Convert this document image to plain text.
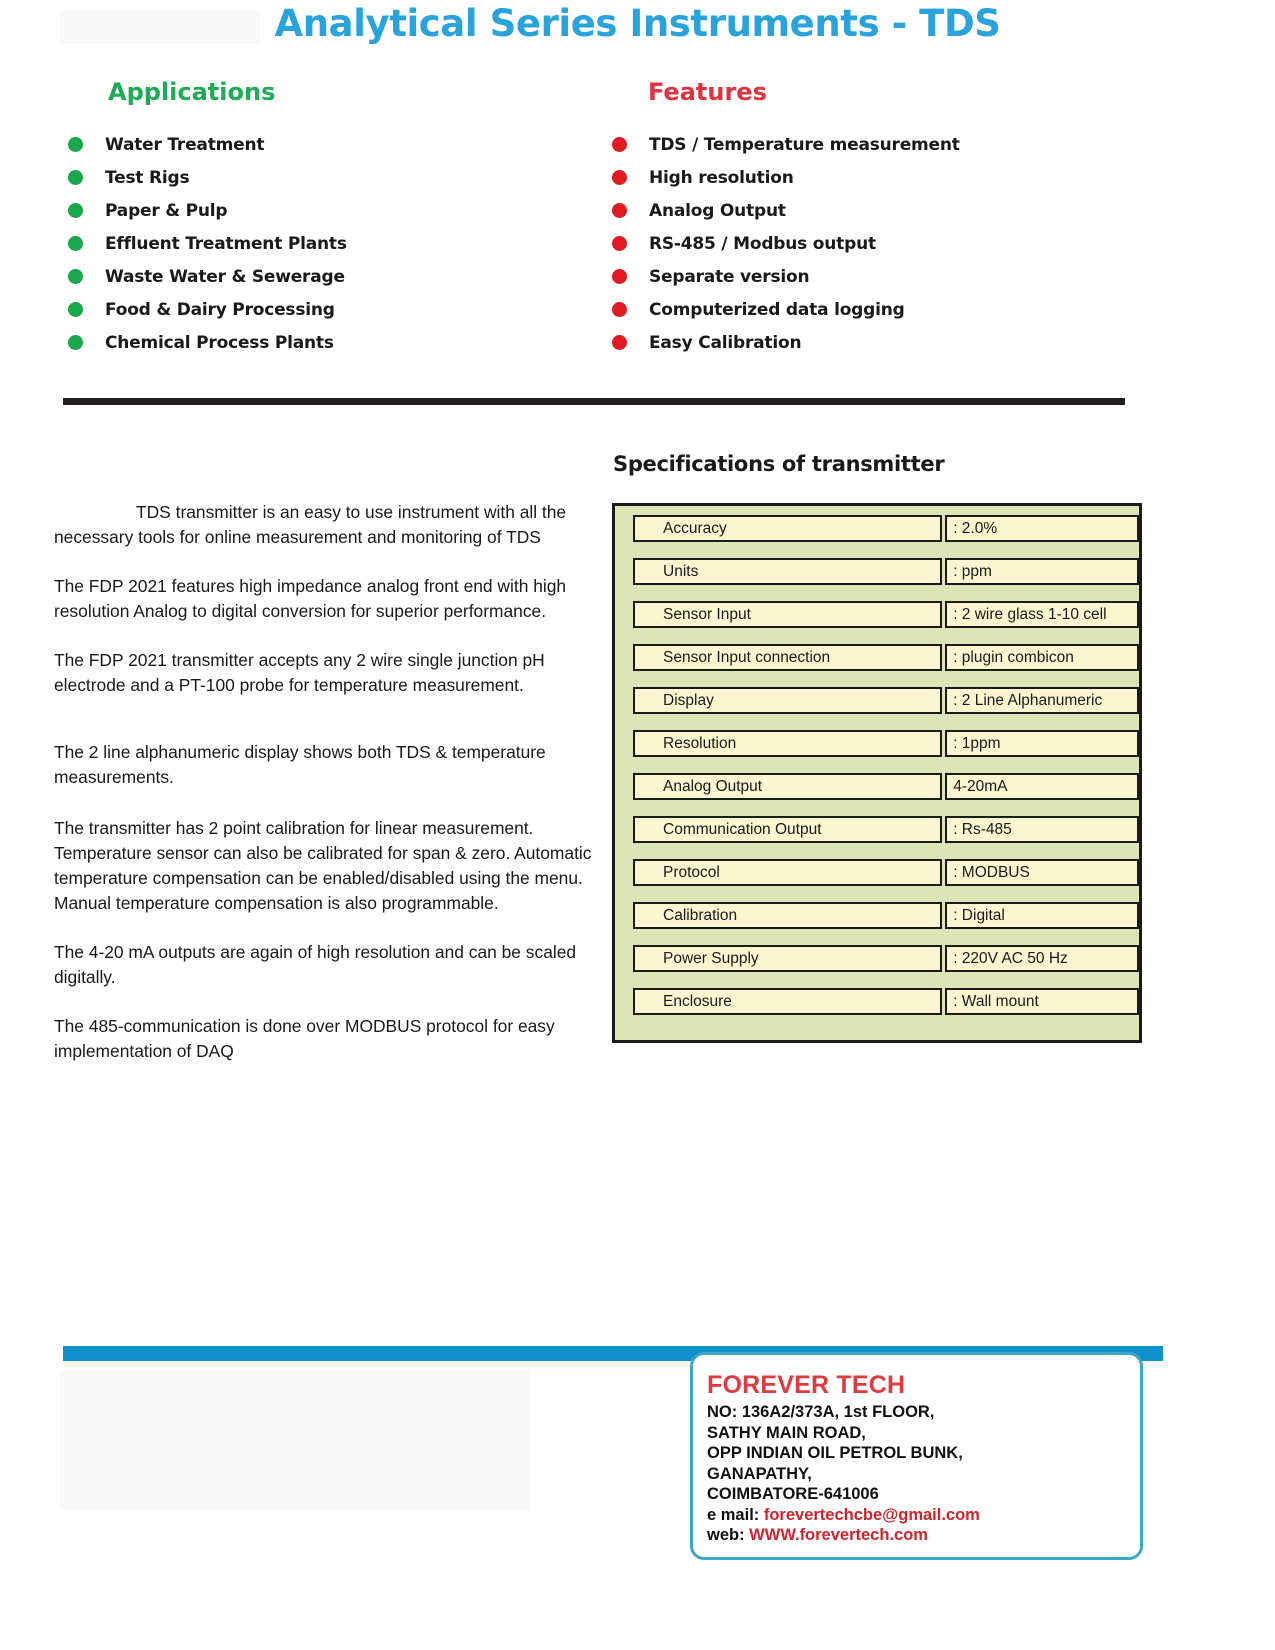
Analytical Series Instruments - TDS
Applications
Water Treatment
Test Rigs
Paper & Pulp
Effluent Treatment Plants
Waste Water & Sewerage
Food & Dairy Processing
Chemical Process Plants
Features
TDS / Temperature measurement
High resolution
Analog Output
RS-485 / Modbus output
Separate version
Computerized data logging
Easy Calibration

TDS transmitter is an easy to use instrument with all the necessary tools for online measurement and monitoring of TDS

The FDP 2021 features high impedance analog front end with high resolution Analog to digital conversion for superior performance.

The FDP 2021 transmitter accepts any 2 wire single junction pH electrode and a PT-100 probe for temperature measurement.

The 2 line alphanumeric display shows both TDS & temperature measurements.

The transmitter has 2 point calibration for linear measurement. Temperature sensor can also be calibrated for span & zero. Automatic temperature compensation can be enabled/disabled using the menu. Manual temperature compensation is also programmable.

The 4-20 mA outputs are again of high resolution and can be scaled digitally.

The 485-communication is done over MODBUS protocol for easy implementation of DAQ

Specifications of transmitter
Accuracy	: 2.0%
Units	: ppm
Sensor Input	: 2 wire glass 1-10 cell
Sensor Input connection	: plugin combicon
Display	: 2 Line Alphanumeric
Resolution	: 1ppm
Analog Output	4-20mA
Communication Output	: Rs-485
Protocol	: MODBUS
Calibration	: Digital
Power Supply	: 220V AC 50 Hz
Enclosure	: Wall mount
FOREVER TECH
NO: 136A2/373A, 1st FLOOR,
SATHY MAIN ROAD,
OPP INDIAN OIL PETROL BUNK,
GANAPATHY,
COIMBATORE-641006
e mail: forevertechcbe@gmail.com
web: WWW.forevertech.com
